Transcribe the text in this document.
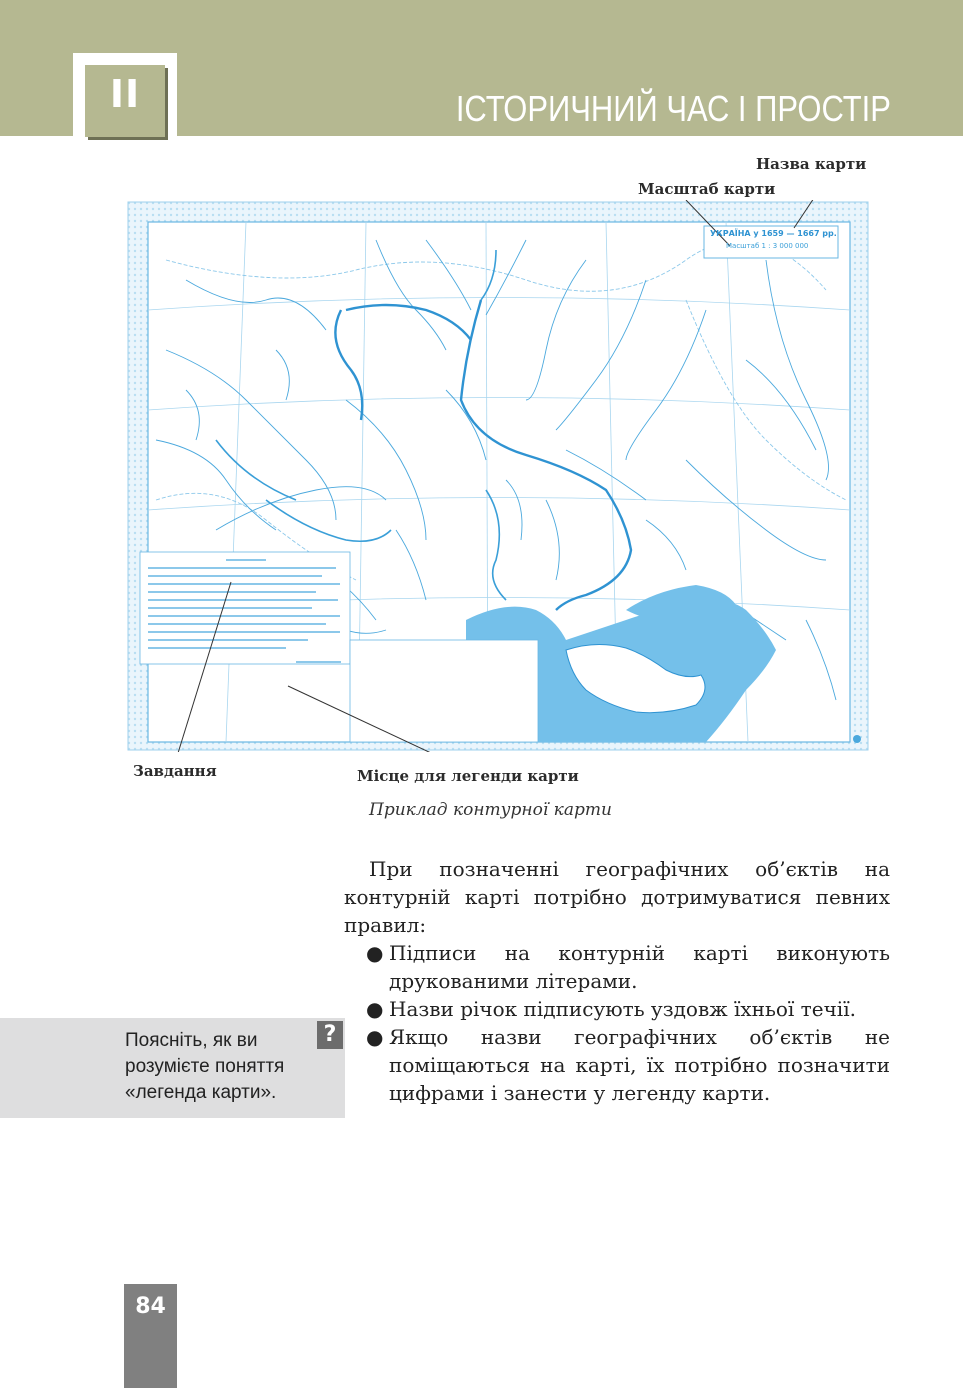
II	ІСТОРИЧНИЙ ЧАС І ПРОСТІР
УКРАЇНА у 1659 — 1667 рр.
Масштаб 1 : 3 000 000
Назва карти
Масштаб карти
Завдання	Місце для легенди карти
Приклад контурної карти

При позначенні географічних об’єктів на контурній карті потрібно дотримуватися певних правил:

● Підписи на контурній карті виконують друкованими літерами.
● Назви річок підписують уздовж їхньої течії.
● Якщо назви географічних об’єктів не поміщаються на карті, їх потрібно позначити цифрами і занести у легенду карти.
?
Поясніть, як ви розумієте поняття «легенда карти».
84
